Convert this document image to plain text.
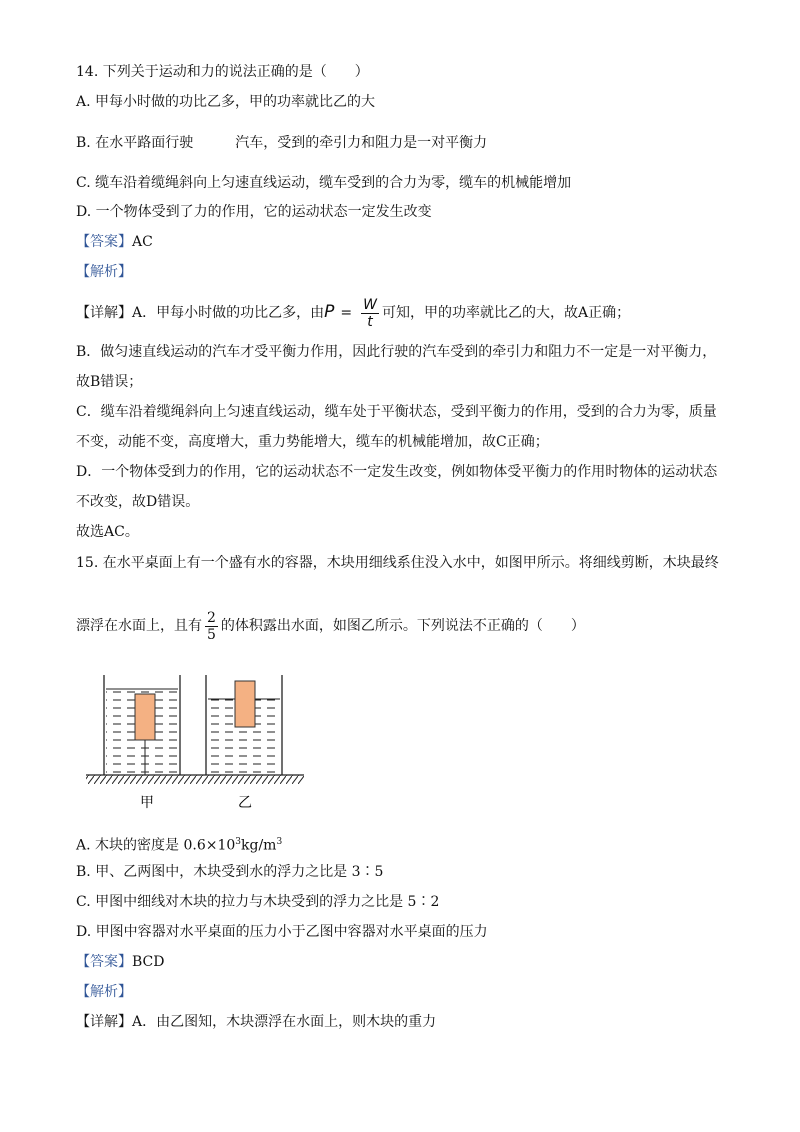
14. 下列关于运动和力的说法正确的是（　　）
A. 甲每小时做的功比乙多，甲的功率就比乙的大
B. 在水平路面行驶　　　汽车，受到的牵引力和阻力是一对平衡力
C. 缆车沿着缆绳斜向上匀速直线运动，缆车受到的合力为零，缆车的机械能增加
D. 一个物体受到了力的作用，它的运动状态一定发生改变
【答案】AC
【解析】
【详解】A．甲每小时做的功比乙多，由$P = \frac{W}{t}$ 可知，甲的功率就比乙的大，故A正确；
B．做匀速直线运动的汽车才受平衡力作用，因此行驶的汽车受到的牵引力和阻力不一定是一对平衡力，
故B错误；
C．缆车沿着缆绳斜向上匀速直线运动，缆车处于平衡状态，受到平衡力的作用，受到的合力为零，质量
不变，动能不变，高度增大，重力势能增大，缆车的机械能增加，故C正确；
D．一个物体受到力的作用，它的运动状态不一定发生改变，例如物体受平衡力的作用时物体的运动状态
不改变，故D错误。
故选AC。
15. 在水平桌面上有一个盛有水的容器，木块用细线系住没入水中，如图甲所示。将细线剪断，木块最终
漂浮在水面上，且有 $\frac{2}{5}$ 的体积露出水面，如图乙所示。下列说法不正确的（　　）
甲	乙
A. 木块的密度是 $0.6\times 10^3kg/m^3$
B. 甲、乙两图中，木块受到水的浮力之比是 3∶5
C. 甲图中细线对木块的拉力与木块受到的浮力之比是 5∶2
D. 甲图中容器对水平桌面的压力小于乙图中容器对水平桌面的压力
【答案】BCD
【解析】
【详解】A．由乙图知，木块漂浮在水面上，则木块的重力
